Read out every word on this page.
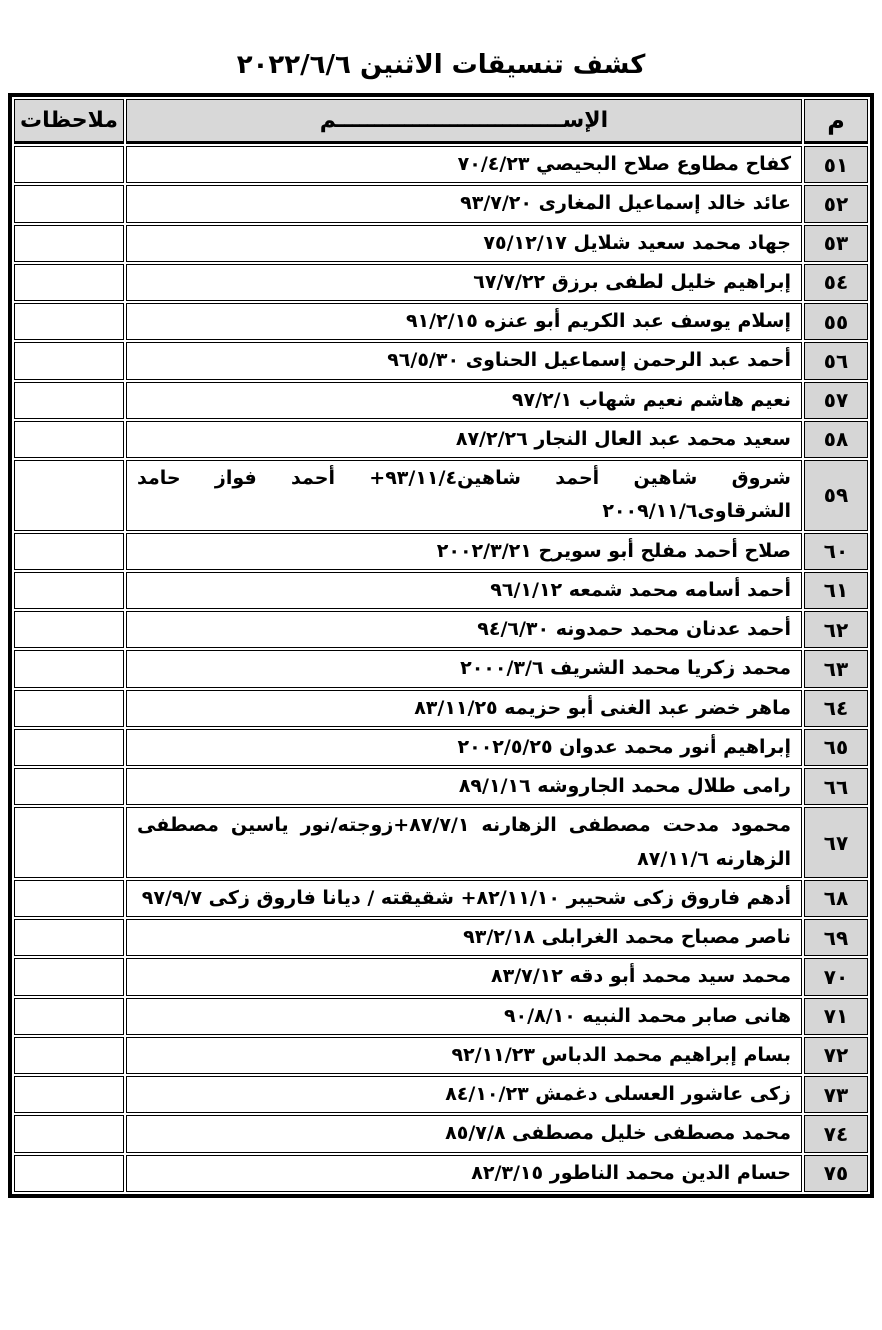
كشف تنسيقات الاثنين ٢٠٢٢/٦/٦
م	الإســــــــــــــــــــــــــــــم	ملاحظات
٥١	كفاح مطاوع صلاح البحيصي ٧٠/٤/٢٣	
٥٢	عائد خالد إسماعيل المغارى ٩٣/٧/٢٠	
٥٣	جهاد محمد سعيد شلايل ٧٥/١٢/١٧	
٥٤	إبراهيم خليل لطفى برزق ٦٧/٧/٢٢	
٥٥	إسلام يوسف عبد الكريم أبو عنزه ٩١/٢/١٥	
٥٦	أحمد عبد الرحمن إسماعيل الحناوى ٩٦/٥/٣٠	
٥٧	نعيم هاشم نعيم شهاب ٩٧/٢/١	
٥٨	سعيد محمد عبد العال النجار ٨٧/٢/٢٦	
٥٩	شروق شاهين أحمد شاهين٩٣/١١/٤+ أحمد فواز حامد الشرقاوى٢٠٠٩/١١/٦	
٦٠	صلاح أحمد مفلح أبو سويرح ٢٠٠٢/٣/٢١	
٦١	أحمد أسامه محمد شمعه ٩٦/١/١٢	
٦٢	أحمد عدنان محمد حمدونه ٩٤/٦/٣٠	
٦٣	محمد زكريا محمد الشريف ٢٠٠٠/٣/٦	
٦٤	ماهر خضر عبد الغنى أبو حزيمه ٨٣/١١/٢٥	
٦٥	إبراهيم أنور محمد عدوان ٢٠٠٢/٥/٢٥	
٦٦	رامى طلال محمد الجاروشه ٨٩/١/١٦	
٦٧	محمود مدحت مصطفى الزهارنه ٨٧/٧/١+زوجته/نور ياسين مصطفى الزهارنه ٨٧/١١/٦	
٦٨	أدهم فاروق زكى شحيبر ٨٢/١١/١٠+ شقيقته / ديانا فاروق زكى ٩٧/٩/٧	
٦٩	ناصر مصباح محمد الغرابلى ٩٣/٢/١٨	
٧٠	محمد سيد محمد أبو دقه ٨٣/٧/١٢	
٧١	هانى صابر محمد النبيه ٩٠/٨/١٠	
٧٢	بسام إبراهيم محمد الدباس ٩٢/١١/٢٣	
٧٣	زكى عاشور العسلى دغمش ٨٤/١٠/٢٣	
٧٤	محمد مصطفى خليل مصطفى ٨٥/٧/٨	
٧٥	حسام الدين محمد الناطور ٨٢/٣/١٥	
